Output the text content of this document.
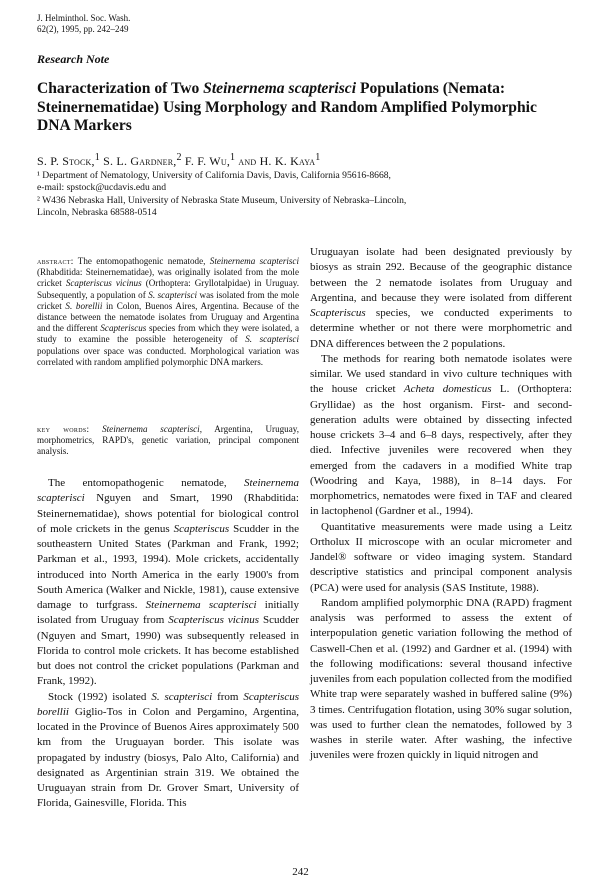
J. Helminthol. Soc. Wash.
62(2), 1995, pp. 242–249
Research Note
Characterization of Two Steinernema scapterisci Populations (Nemata: Steinernematidae) Using Morphology and Random Amplified Polymorphic DNA Markers
S. P. Stock,$^1$ S. L. Gardner,$^2$ F. F. Wu,$^1$ and H. K. Kaya$^1$
¹ Department of Nematology, University of California Davis, Davis, California 95616-8668,
e-mail: spstock@ucdavis.edu and
² W436 Nebraska Hall, University of Nebraska State Museum, University of Nebraska–Lincoln,
Lincoln, Nebraska 68588-0514
abstract: The entomopathogenic nematode, Steinernema scapterisci (Rhabditida: Steinernematidae), was originally isolated from the mole cricket Scapteriscus vicinus (Orthoptera: Gryllotalpidae) in Uruguay. Subsequently, a population of S. scapterisci was isolated from the mole cricket S. borellii in Colon, Buenos Aires, Argentina. Because of the distance between the nematode isolates from Uruguay and Argentina and the different Scapteriscus species from which they were isolated, a study to examine the possible heterogeneity of S. scapterisci populations over space was conducted. Morphological variation was correlated with random amplified polymorphic DNA markers.
key words: Steinernema scapterisci, Argentina, Uruguay, morphometrics, RAPD's, genetic variation, principal component analysis.

The entomopathogenic nematode, Steinernema scapterisci Nguyen and Smart, 1990 (Rhabditida: Steinernematidae), shows potential for biological control of mole crickets in the genus Scapteriscus Scudder in the southeastern United States (Parkman and Frank, 1992; Parkman et al., 1993, 1994). Mole crickets, accidentally introduced into North America in the early 1900's from South America (Walker and Nickle, 1981), cause extensive damage to turfgrass. Steinernema scapterisci initially isolated from Uruguay from Scapteriscus vicinus Scudder (Nguyen and Smart, 1990) was subsequently released in Florida to control mole crickets. It has become established but does not control the cricket populations (Parkman and Frank, 1992).

Stock (1992) isolated S. scapterisci from Scapteriscus borellii Giglio-Tos in Colon and Pergamino, Argentina, located in the Province of Buenos Aires approximately 500 km from the Uruguayan border. This isolate was propagated by industry (biosys, Palo Alto, California) and designated as Argentinian strain 319. We obtained the Uruguayan strain from Dr. Grover Smart, University of Florida, Gainesville, Florida. This

Uruguayan isolate had been designated previously by biosys as strain 292. Because of the geographic distance between the 2 nematode isolates from Uruguay and Argentina, and because they were isolated from different Scapteriscus species, we conducted experiments to determine whether or not there were morphometric and DNA differences between the 2 populations.

The methods for rearing both nematode isolates were similar. We used standard in vivo culture techniques with the house cricket Acheta domesticus L. (Orthoptera: Gryllidae) as the host organism. First- and second-generation adults were obtained by dissecting infected house crickets 3–4 and 6–8 days, respectively, after they died. Infective juveniles were recovered when they emerged from the cadavers in a modified White trap (Woodring and Kaya, 1988), in 8–14 days. For morphometrics, nematodes were fixed in TAF and cleared in lactophenol (Gardner et al., 1994).

Quantitative measurements were made using a Leitz Ortholux II microscope with an ocular micrometer and Jandel® software or video imaging system. Standard descriptive statistics and principal component analysis (PCA) were used for analysis (SAS Institute, 1988).

Random amplified polymorphic DNA (RAPD) fragment analysis was performed to assess the extent of interpopulation genetic variation following the method of Caswell-Chen et al. (1992) and Gardner et al. (1994) with the following modifications: several thousand infective juveniles from each population collected from the modified White trap were separately washed in buffered saline (9%) 3 times. Centrifugation flotation, using 30% sugar solution, was used to further clean the nematodes, followed by 3 washes in sterile water. After washing, the infective juveniles were frozen quickly in liquid nitrogen and

242
